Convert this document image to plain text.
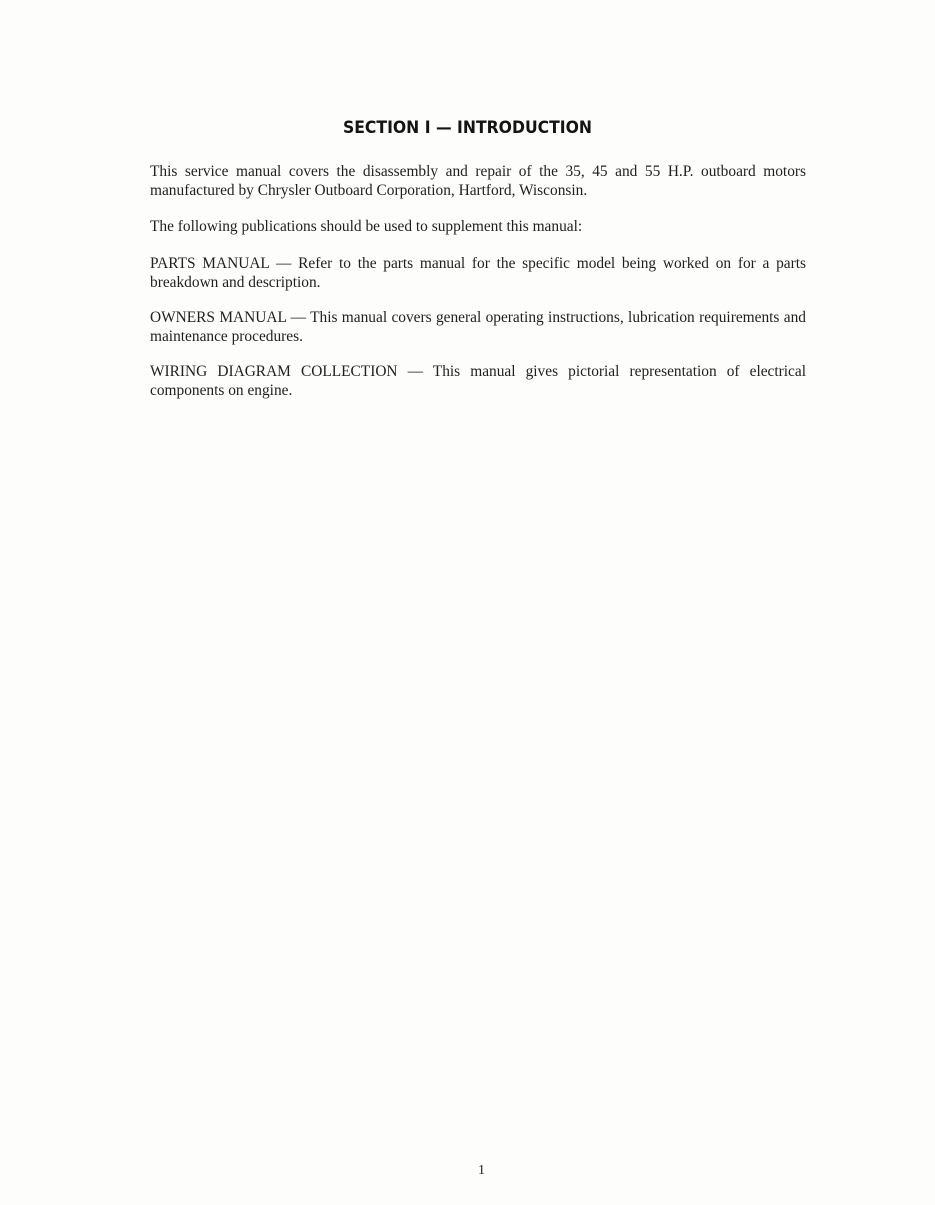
SECTION I — INTRODUCTION

This service manual covers the disassembly and repair of the 35, 45 and 55 H.P. outboard motors manufactured by Chrysler Outboard Corporation, Hartford, Wisconsin.

The following publications should be used to supplement this manual:

PARTS MANUAL — Refer to the parts manual for the specific model being worked on for a parts breakdown and description.

OWNERS MANUAL — This manual covers general operating instructions, lubrication requirements and maintenance procedures.

WIRING DIAGRAM COLLECTION — This manual gives pictorial representation of electrical components on engine.

1
